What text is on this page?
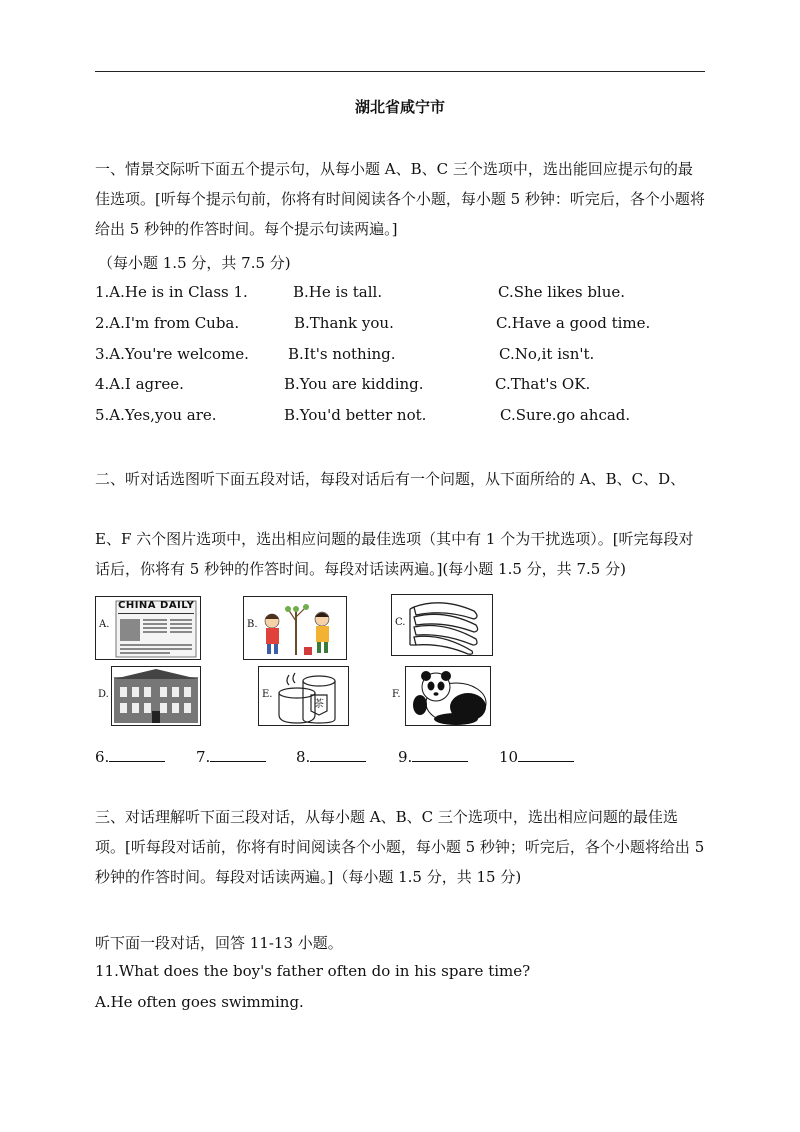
湖北省咸宁市
一、情景交际听下面五个提示句，从每小题 A、B、C 三个选项中，选出能回应提示句的最佳选项。[听每个提示句前，你将有时间阅读各个小题，每小题 5 秒钟：听完后，各个小题将给出 5 秒钟的作答时间。每个提示句读两遍。]
（每小题 1.5 分，共 7.5 分)
1.A.He is in Class 1.	B.He is tall.	C.She likes blue.
2.A.I'm from Cuba.	B.Thank you.	C.Have a good time.
3.A.You're welcome.	B.It's nothing.	C.No,it isn't.
4.A.I agree.	B.You are kidding.	C.That's OK.
5.A.Yes,you are.	B.You'd better not.	C.Sure.go ahcad.
二、听对话选图听下面五段对话，每段对话后有一个问题，从下面所给的 A、B、C、D、
E、F 六个图片选项中，选出相应问题的最佳选项（其中有 1 个为干扰选项）。[听完每段对话后，你将有 5 秒钟的作答时间。每段对话读两遍。](每小题 1.5 分，共 7.5 分)
A.
CHINA DAILY
B.	C.
D.	E.
茶
F.
6.	7.	8.	9.	10
三、对话理解听下面三段对话，从每小题 A、B、C 三个选项中，选出相应问题的最佳选项。[听每段对话前，你将有时间阅读各个小题，每小题 5 秒钟；听完后，各个小题将给出 5 秒钟的作答时间。每段对话读两遍。]（每小题 1.5 分，共 15 分)
听下面一段对话，回答 11-13 小题。
11.What does the boy's father often do in his spare time?
A.He often goes swimming.
